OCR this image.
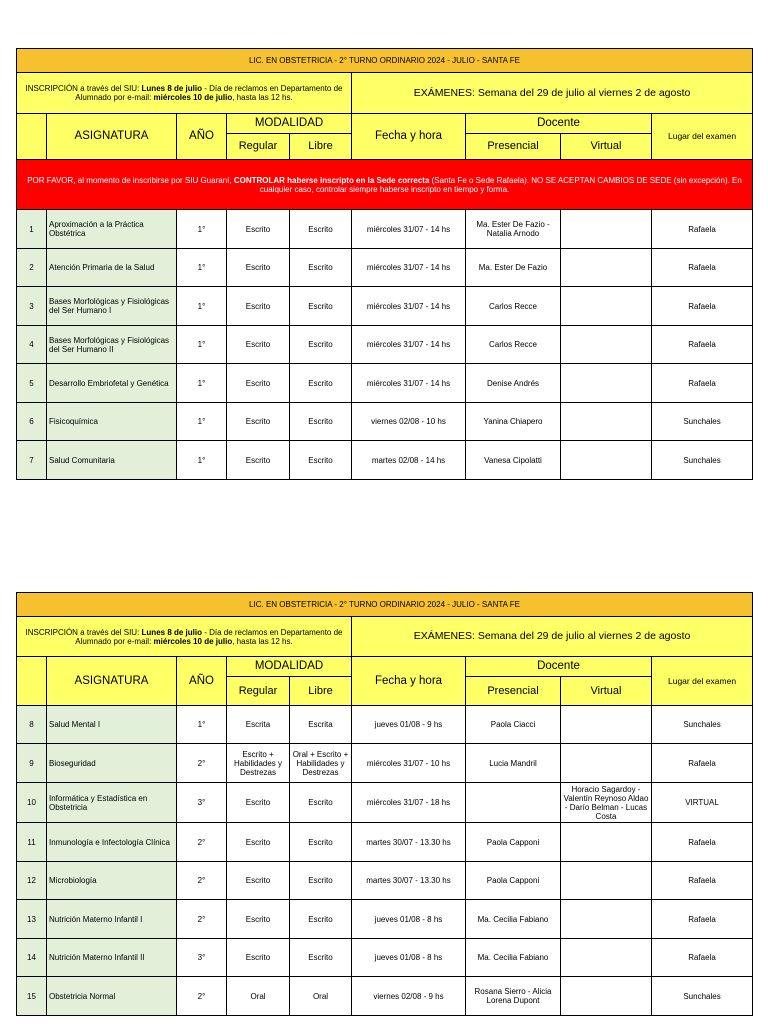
LIC. EN OBSTETRICIA - 2° TURNO ORDINARIO 2024 - JULIO - SANTA FE								
INSCRIPCIÓN a través del SIU: Lunes 8 de julio - Día de reclamos en Departamento de Alumnado por e-mail: miércoles 10 de julio, hasta las 12 hs.					EXÁMENES: Semana del 29 de julio al viernes 2 de agosto			
	ASIGNATURA	AÑO	MODALIDAD		Fecha y hora	Docente		Lugar del examen
			Regular	Libre		Presencial	Virtual	
POR FAVOR, al momento de inscribirse por SIU Guaraní, CONTROLAR haberse inscripto en la Sede correcta (Santa Fe o Sede Rafaela). NO SE ACEPTAN CAMBIOS DE SEDE (sin excepción). En cualquier caso, controlar siempre haberse inscripto en tiempo y forma.								
1	Aproximación a la Práctica Obstétrica	1°	Escrito	Escrito	miércoles 31/07 - 14 hs	Ma. Ester De Fazio - Natalia Arnodo		Rafaela
2	Atención Primaria de la Salud	1°	Escrito	Escrito	miércoles 31/07 - 14 hs	Ma. Ester De Fazio		Rafaela
3	Bases Morfológicas y Fisiológicas del Ser Humano I	1°	Escrito	Escrito	miércoles 31/07 - 14 hs	Carlos Recce		Rafaela
4	Bases Morfológicas y Fisiológicas del Ser Humano II	1°	Escrito	Escrito	miércoles 31/07 - 14 hs	Carlos Recce		Rafaela
5	Desarrollo Embriofetal y Genética	1°	Escrito	Escrito	miércoles 31/07 - 14 hs	Denise Andrés		Rafaela
6	Fisicoquímica	1°	Escrito	Escrito	viernes 02/08 - 10 hs	Yanina Chiapero		Sunchales
7	Salud Comunitaria	1°	Escrito	Escrito	martes 02/08 - 14 hs	Vanesa Cipolatti		Sunchales
LIC. EN OBSTETRICIA - 2° TURNO ORDINARIO 2024 - JULIO - SANTA FE								
INSCRIPCIÓN a través del SIU: Lunes 8 de julio - Día de reclamos en Departamento de Alumnado por e-mail: miércoles 10 de julio, hasta las 12 hs.					EXÁMENES: Semana del 29 de julio al viernes 2 de agosto			
	ASIGNATURA	AÑO	MODALIDAD		Fecha y hora	Docente		Lugar del examen
			Regular	Libre		Presencial	Virtual	
8	Salud Mental I	1°	Escrita	Escrita	jueves 01/08 - 9 hs	Paola Ciacci		Sunchales
9	Bioseguridad	2°	Escrito + Habilidades y Destrezas	Oral + Escrito + Habilidades y Destrezas	miércoles 31/07 - 10 hs	Lucia Mandril		Rafaela
10	Informática y Estadística en Obstetricia	3°	Escrito	Escrito	miércoles 31/07 - 18 hs		Horacio Sagardoy - Valentín Reynoso Aldao - Darío Belman - Lucas Costa	VIRTUAL
11	Inmunología e Infectología Clínica	2°	Escrito	Escrito	martes 30/07 - 13.30 hs	Paola Capponi		Rafaela
12	Microbiología	2°	Escrito	Escrito	martes 30/07 - 13.30 hs	Paola Capponi		Rafaela
13	Nutrición Materno Infantil I	2°	Escrito	Escrito	jueves 01/08 - 8 hs	Ma. Cecilia Fabiano		Rafaela
14	Nutrición Materno Infantil II	3°	Escrito	Escrito	jueves 01/08 - 8 hs	Ma. Cecilia Fabiano		Rafaela
15	Obstetricia Normal	2°	Oral	Oral	viernes 02/08 - 9 hs	Rosana Sierro - Alicia Lorena Dupont		Sunchales
